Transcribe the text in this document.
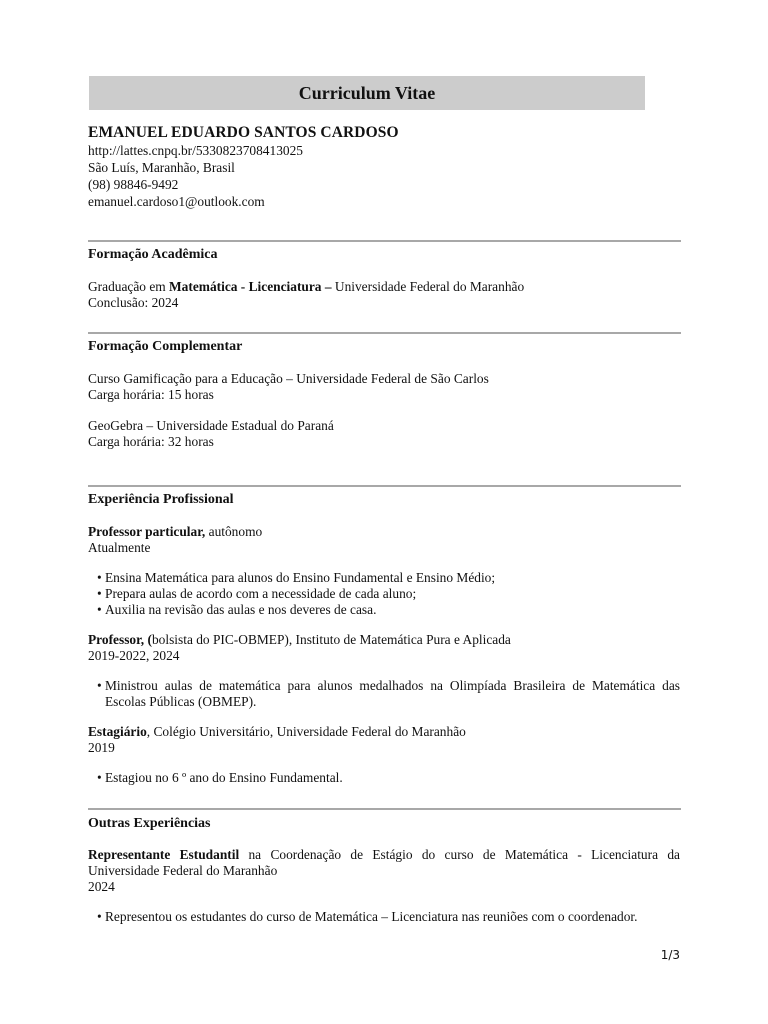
Curriculum Vitae
EMANUEL EDUARDO SANTOS CARDOSO
http://lattes.cnpq.br/5330823708413025
São Luís, Maranhão, Brasil
(98) 98846-9492
emanuel.cardoso1@outlook.com
Formação Acadêmica
Graduação em Matemática - Licenciatura – Universidade Federal do Maranhão
Conclusão: 2024
Formação Complementar
Curso Gamificação para a Educação – Universidade Federal de São Carlos
Carga horária: 15 horas
GeoGebra – Universidade Estadual do Paraná
Carga horária: 32 horas
Experiência Profissional
Professor particular, autônomo
Atualmente
• Ensina Matemática para alunos do Ensino Fundamental e Ensino Médio;
• Prepara aulas de acordo com a necessidade de cada aluno;
• Auxilia na revisão das aulas e nos deveres de casa.
Professor, (bolsista do PIC-OBMEP), Instituto de Matemática Pura e Aplicada
2019-2022, 2024
• Ministrou aulas de matemática para alunos medalhados na Olimpíada Brasileira de Matemática das Escolas Públicas (OBMEP).
Estagiário, Colégio Universitário, Universidade Federal do Maranhão
2019
• Estagiou no 6 º ano do Ensino Fundamental.
Outras Experiências
Representante Estudantil na Coordenação de Estágio do curso de Matemática - Licenciatura da Universidade Federal do Maranhão
2024
• Representou os estudantes do curso de Matemática – Licenciatura nas reuniões com o coordenador.
1/3
